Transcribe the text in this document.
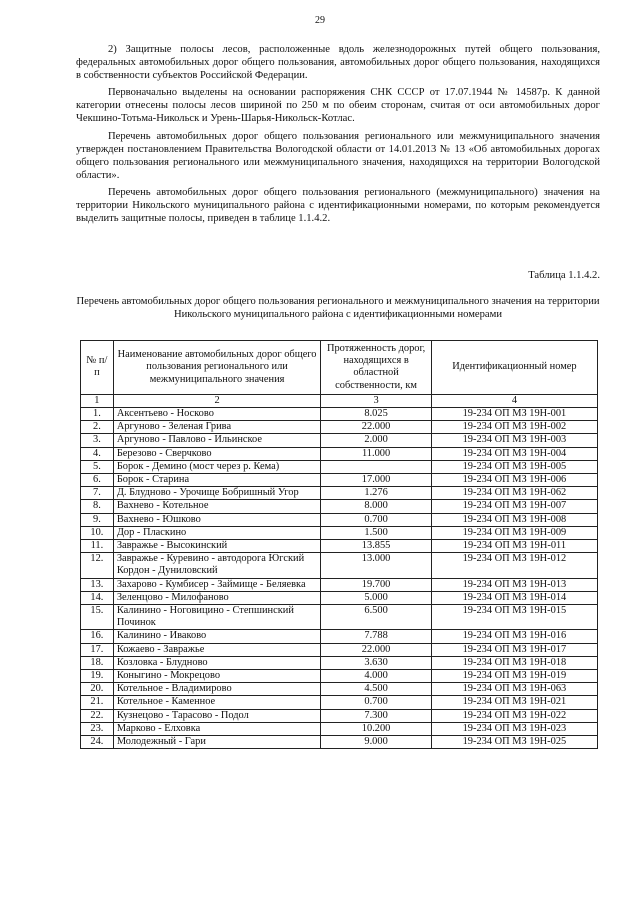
29

2) Защитные полосы лесов, расположенные вдоль железнодорожных путей общего пользования, федеральных автомобильных дорог общего пользования, автомобильных дорог общего пользования, находящихся в собственности субъектов Российской Федерации.

Первоначально выделены на основании распоряжения СНК СССР от 17.07.1944 № 14587р. К данной категории отнесены полосы лесов шириной по 250 м по обеим сторонам, считая от оси автомобильных дорог Чекшино-Тотьма-Никольск и Урень-Шарья-Никольск-Котлас.

Перечень автомобильных дорог общего пользования регионального или межмуниципального значения утвержден постановлением Правительства Вологодской области от 14.01.2013 № 13 «Об автомобильных дорогах общего пользования регионального или межмуниципального значения, находящихся на территории Вологодской области».

Перечень автомобильных дорог общего пользования регионального (межмуниципального) значения на территории Никольского муниципального района с идентификационными номерами, по которым рекомендуется выделить защитные полосы, приведен в таблице 1.1.4.2.

Таблица 1.1.4.2.
Перечень автомобильных дорог общего пользования регионального и межмуниципального значения на территории Никольского муниципального района с идентификационными номерами
№ п/п	Наименование автомобильных дорог общего пользования регионального или межмуниципального значения	Протяженность дорог, находящихся в областной собственности, км	Идентификационный номер
1	2	3	4
1.	Аксентьево - Носково	8.025	19-234 ОП МЗ 19Н-001
2.	Аргуново - Зеленая Грива	22.000	19-234 ОП МЗ 19Н-002
3.	Аргуново - Павлово - Ильинское	2.000	19-234 ОП МЗ 19Н-003
4.	Березово - Сверчково	11.000	19-234 ОП МЗ 19Н-004
5.	Борок - Демино (мост через р. Кема)		19-234 ОП МЗ 19Н-005
6.	Борок - Старина	17.000	19-234 ОП МЗ 19Н-006
7.	Д. Блудново - Урочище Бобришный Угор	1.276	19-234 ОП МЗ 19Н-062
8.	Вахнево - Котельное	8.000	19-234 ОП МЗ 19Н-007
9.	Вахнево - Юшково	0.700	19-234 ОП МЗ 19Н-008
10.	Дор - Пласкино	1.500	19-234 ОП МЗ 19Н-009
11.	Завражье - Высокинский	13.855	19-234 ОП МЗ 19Н-011
12.	Завражье - Куревино - автодорога Югский Кордон - Дуниловский	13.000	19-234 ОП МЗ 19Н-012
13.	Захарово - Кумбисер - Займище - Беляевка	19.700	19-234 ОП МЗ 19Н-013
14.	Зеленцово - Милофаново	5.000	19-234 ОП МЗ 19Н-014
15.	Калинино - Ноговицино - Степшинский Починок	6.500	19-234 ОП МЗ 19Н-015
16.	Калинино - Иваково	7.788	19-234 ОП МЗ 19Н-016
17.	Кожаево - Завражье	22.000	19-234 ОП МЗ 19Н-017
18.	Козловка - Блудново	3.630	19-234 ОП МЗ 19Н-018
19.	Коныгино - Мокрецово	4.000	19-234 ОП МЗ 19Н-019
20.	Котельное - Владимирово	4.500	19-234 ОП МЗ 19Н-063
21.	Котельное - Каменное	0.700	19-234 ОП МЗ 19Н-021
22.	Кузнецово - Тарасово - Подол	7.300	19-234 ОП МЗ 19Н-022
23.	Марково - Елховка	10.200	19-234 ОП МЗ 19Н-023
24.	Молодежный - Гари	9.000	19-234 ОП МЗ 19Н-025
